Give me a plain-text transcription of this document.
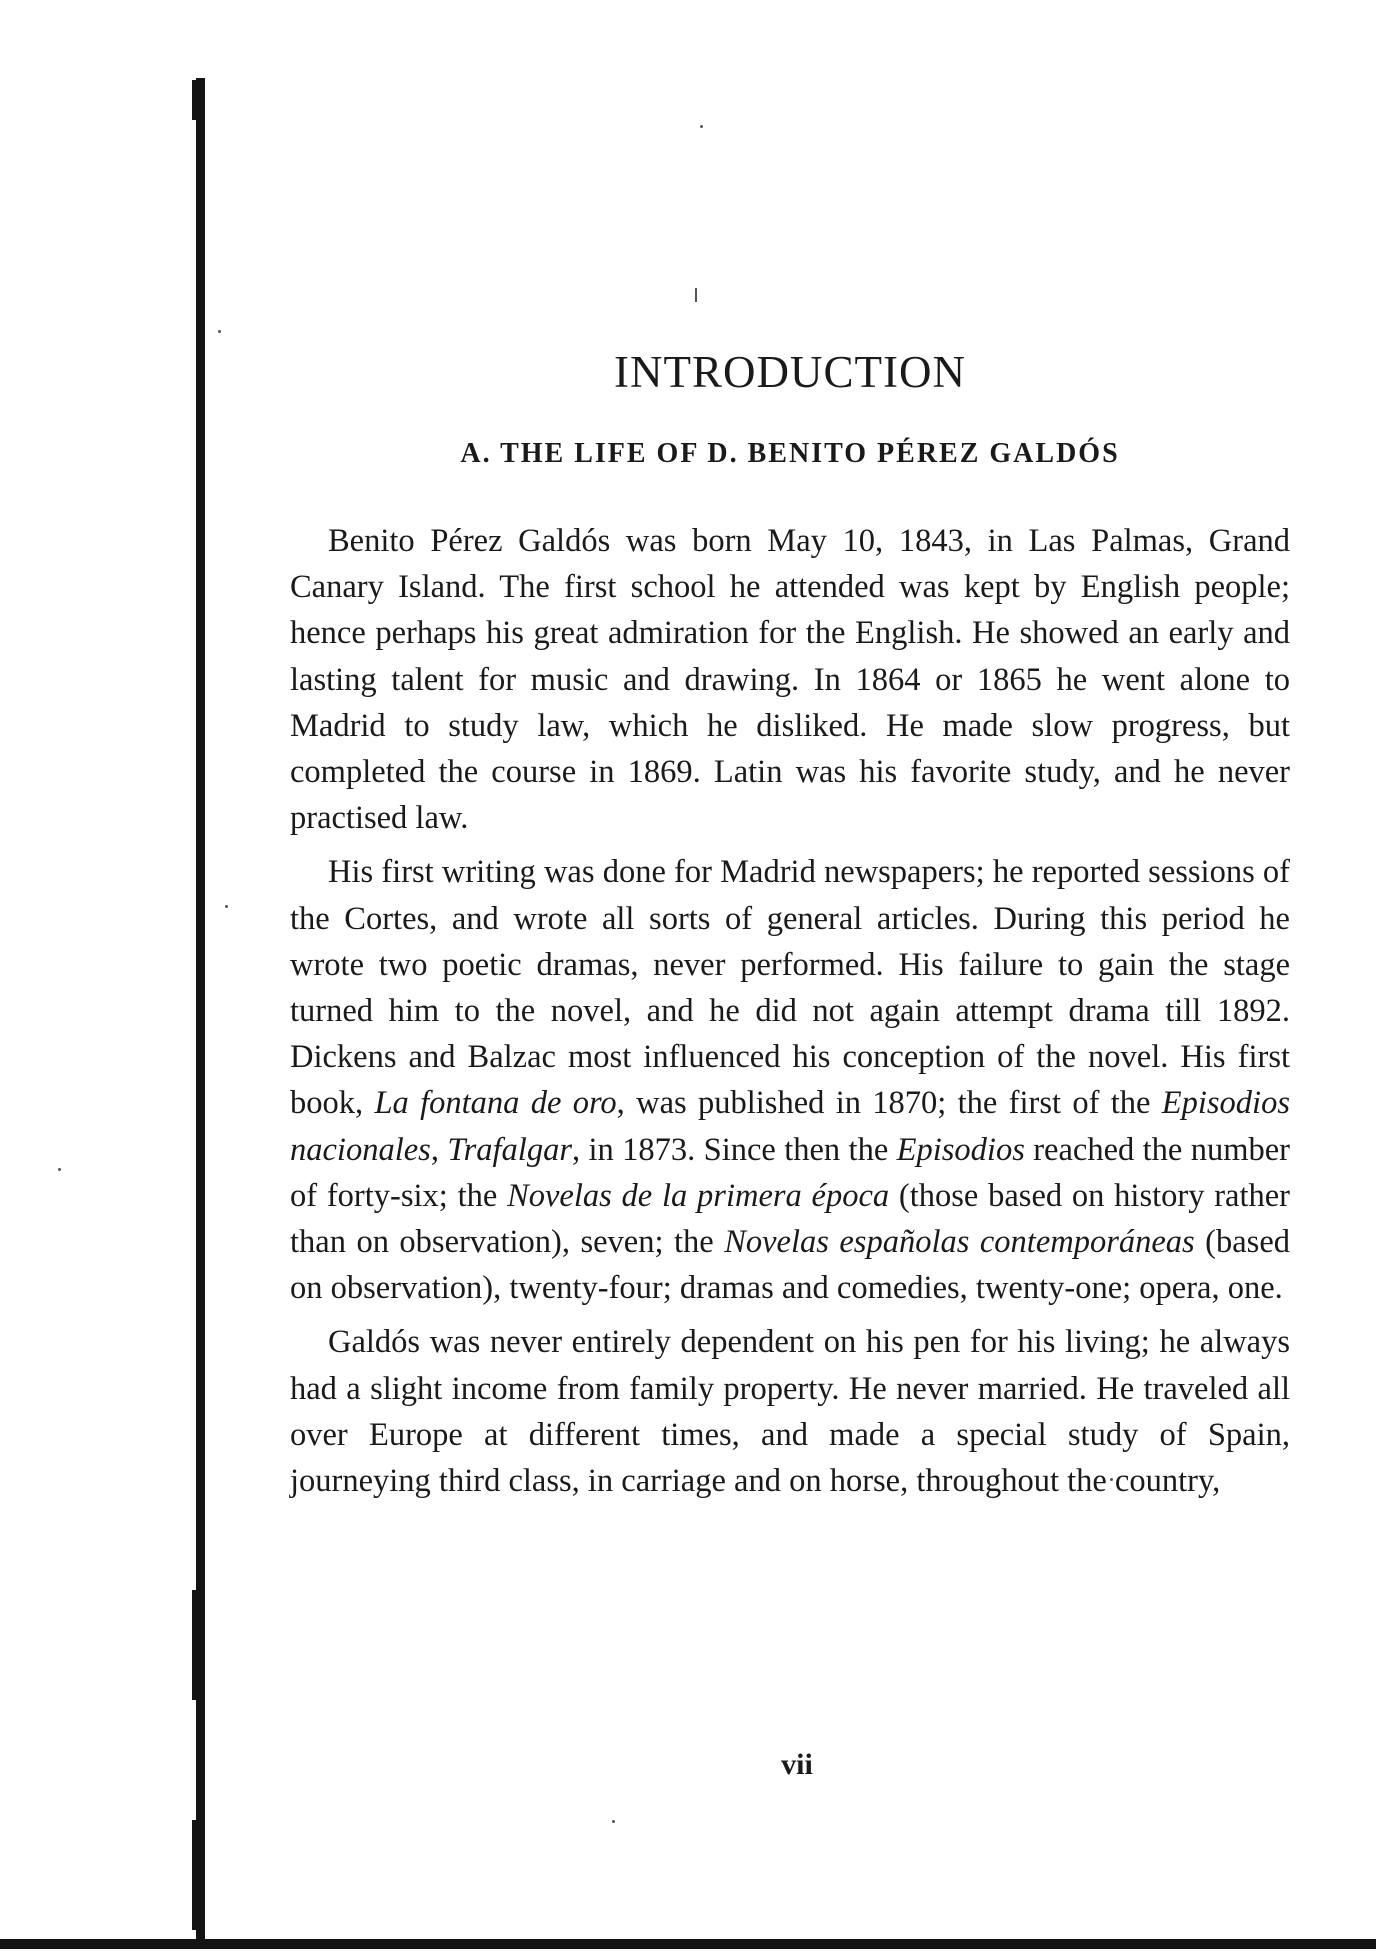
INTRODUCTION
A. THE LIFE OF D. BENITO PÉREZ GALDÓS

Benito Pérez Galdós was born May 10, 1843, in Las Palmas, Grand Canary Island. The first school he attended was kept by English people; hence perhaps his great admiration for the English. He showed an early and lasting talent for music and drawing. In 1864 or 1865 he went alone to Madrid to study law, which he disliked. He made slow progress, but completed the course in 1869. Latin was his favorite study, and he never practised law.

His first writing was done for Madrid newspapers; he reported sessions of the Cortes, and wrote all sorts of general articles. During this period he wrote two poetic dramas, never performed. His failure to gain the stage turned him to the novel, and he did not again attempt drama till 1892. Dickens and Balzac most influenced his conception of the novel. His first book, La fontana de oro, was published in 1870; the first of the Episodios nacionales, Trafalgar, in 1873. Since then the Episodios reached the number of forty-six; the Novelas de la primera época (those based on history rather than on observation), seven; the Novelas españolas contemporáneas (based on observation), twenty-four; dramas and comedies, twenty-one; opera, one.

Galdós was never entirely dependent on his pen for his living; he always had a slight income from family property. He never married. He traveled all over Europe at different times, and made a special study of Spain, journeying third class, in carriage and on horse, throughout the country,

vii
